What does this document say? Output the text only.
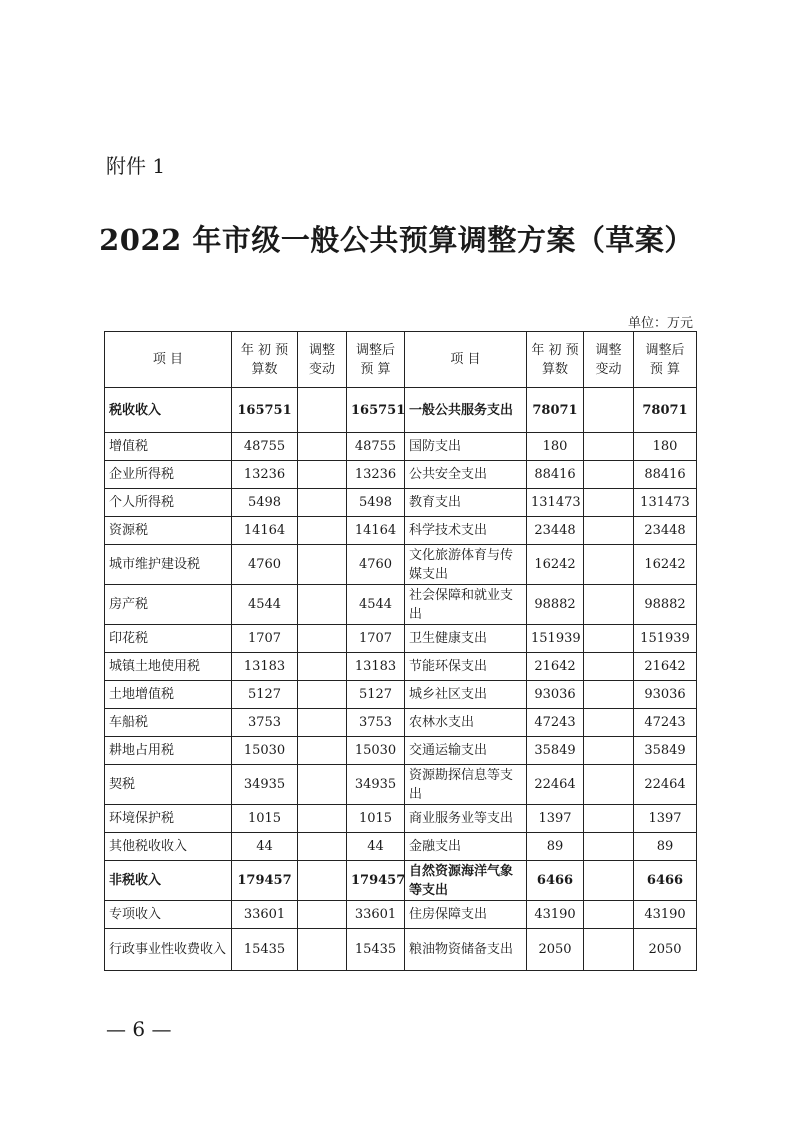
附件 1
2022 年市级一般公共预算调整方案（草案）
单位：万元
项 目	年 初 预算数	调整 变动	调整后 预 算	项 目	年 初 预算数	调整 变动	调整后 预 算
税收收入	165751		165751	一般公共服务支出	78071		78071
增值税	48755		48755	国防支出	180		180
企业所得税	13236		13236	公共安全支出	88416		88416
个人所得税	5498		5498	教育支出	131473		131473
资源税	14164		14164	科学技术支出	23448		23448
城市维护建设税	4760		4760	文化旅游体育与传媒支出	16242		16242
房产税	4544		4544	社会保障和就业支出	98882		98882
印花税	1707		1707	卫生健康支出	151939		151939
城镇土地使用税	13183		13183	节能环保支出	21642		21642
土地增值税	5127		5127	城乡社区支出	93036		93036
车船税	3753		3753	农林水支出	47243		47243
耕地占用税	15030		15030	交通运输支出	35849		35849
契税	34935		34935	资源勘探信息等支出	22464		22464
环境保护税	1015		1015	商业服务业等支出	1397		1397
其他税收收入	44		44	金融支出	89		89
非税收入	179457		179457	自然资源海洋气象等支出	6466		6466
专项收入	33601		33601	住房保障支出	43190		43190
行政事业性收费收入	15435		15435	粮油物资储备支出	2050		2050
— 6 —
